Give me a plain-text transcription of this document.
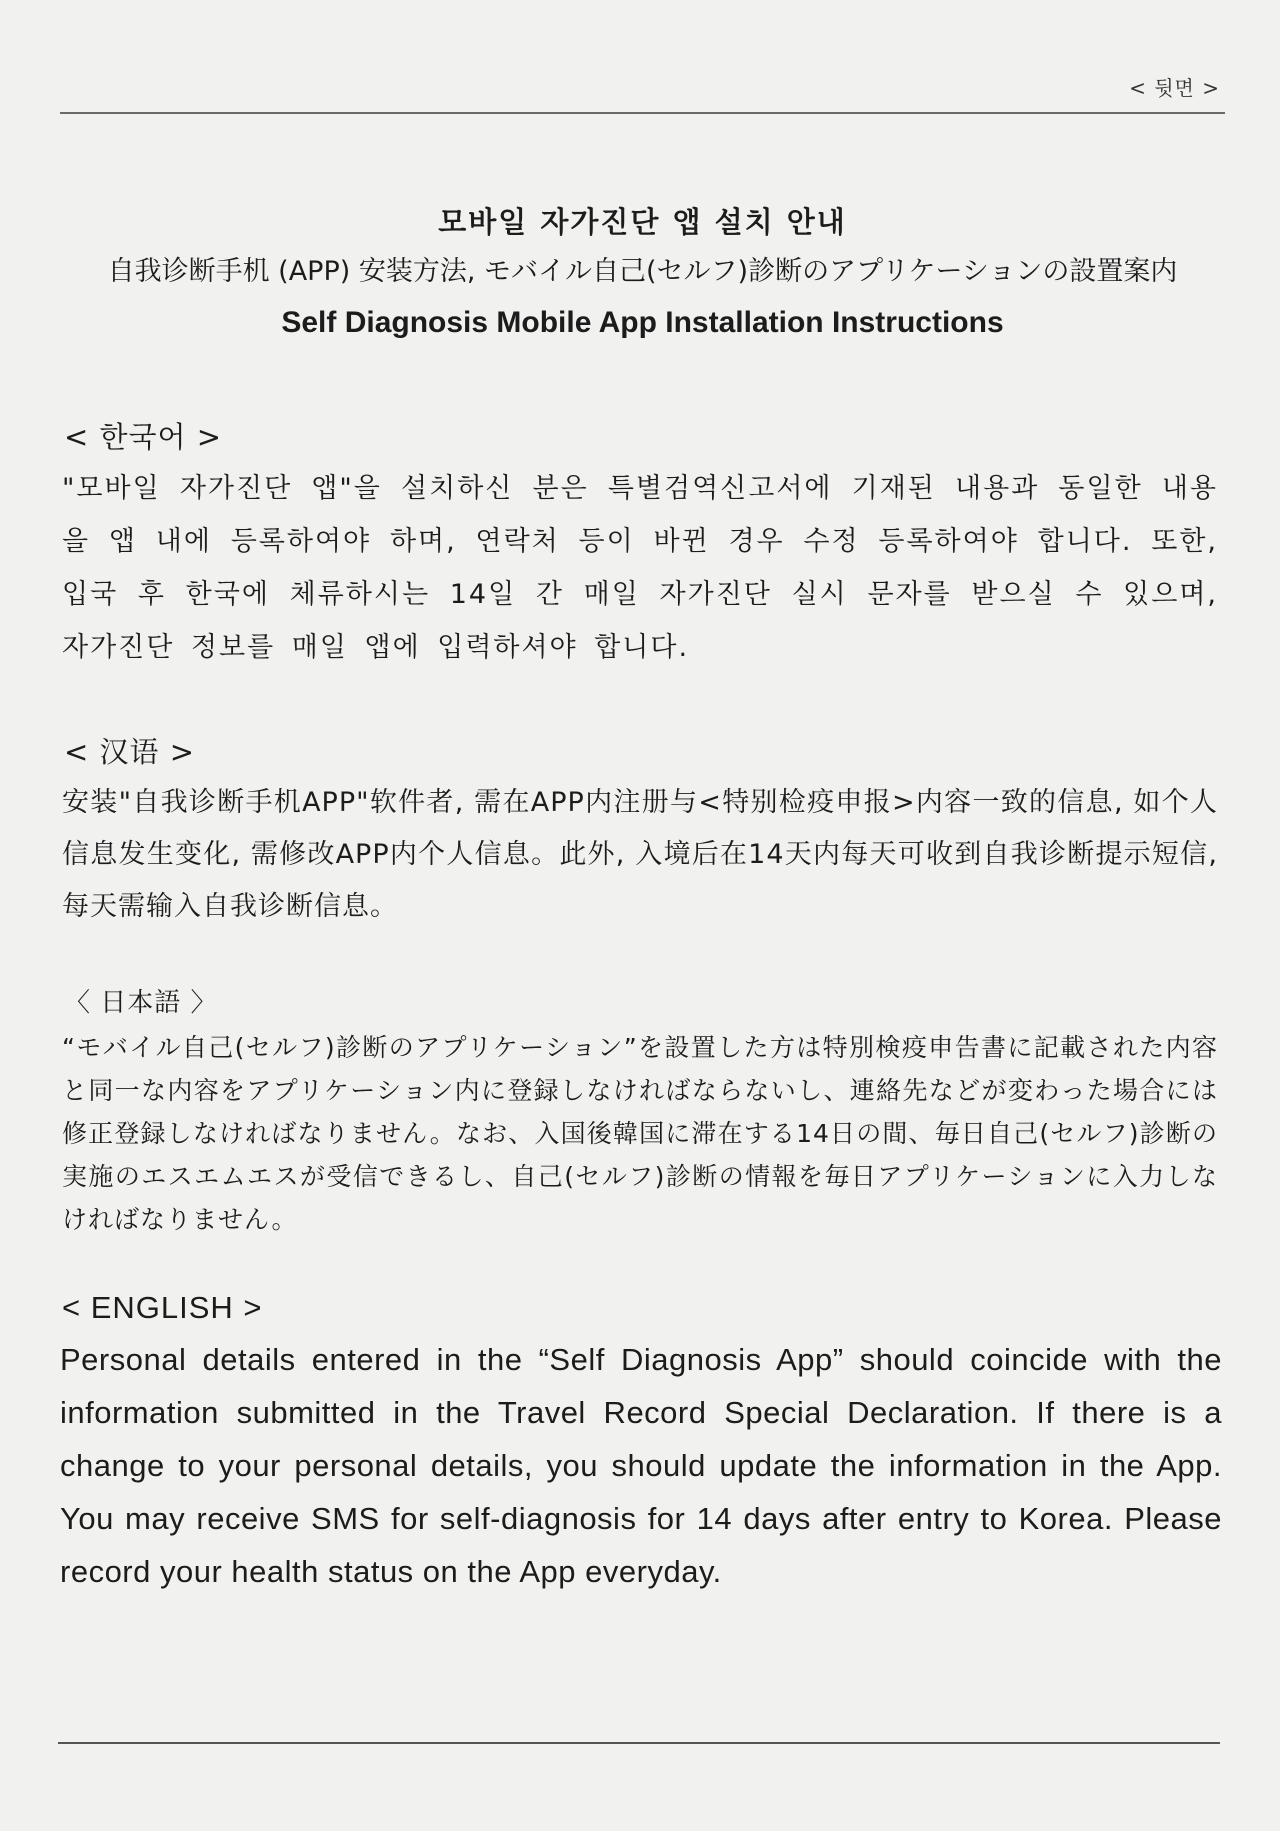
< 뒷면 >
모바일 자가진단 앱 설치 안내
自我诊断手机 (APP) 安装方法, モバイル自己(セルフ)診断のアプリケーションの設置案内
Self Diagnosis Mobile App Installation Instructions
< 한국어 >

"모바일 자가진단 앱"을 설치하신 분은 특별검역신고서에 기재된 내용과 동일한 내용을 앱 내에 등록하여야 하며, 연락처 등이 바뀐 경우 수정 등록하여야 합니다. 또한, 입국 후 한국에 체류하시는 14일 간 매일 자가진단 실시 문자를 받으실 수 있으며, 자가진단 정보를 매일 앱에 입력하셔야 합니다.

< 汉语 >

安装"自我诊断手机APP"软件者, 需在APP内注册与<特别检疫申报>内容一致的信息, 如个人信息发生变化, 需修改APP内个人信息。此外, 入境后在14天内每天可收到自我诊断提示短信, 每天需输入自我诊断信息。

〈 日本語 〉

“モバイル自己(セルフ)診断のアプリケーション”を設置した方は特別検疫申告書に記載された内容と同一な内容をアプリケーション内に登録しなければならないし、連絡先などが変わった場合には修正登録しなければなりません。なお、入国後韓国に滞在する14日の間、毎日自己(セルフ)診断の実施のエスエムエスが受信できるし、自己(セルフ)診断の情報を毎日アプリケーションに入力しなければなりません。

< ENGLISH >

Personal details entered in the “Self Diagnosis App” should coincide with the information submitted in the Travel Record Special Declaration. If there is a change to your personal details, you should update the information in the App. You may receive SMS for self-diagnosis for 14 days after entry to Korea. Please record your health status on the App everyday.
